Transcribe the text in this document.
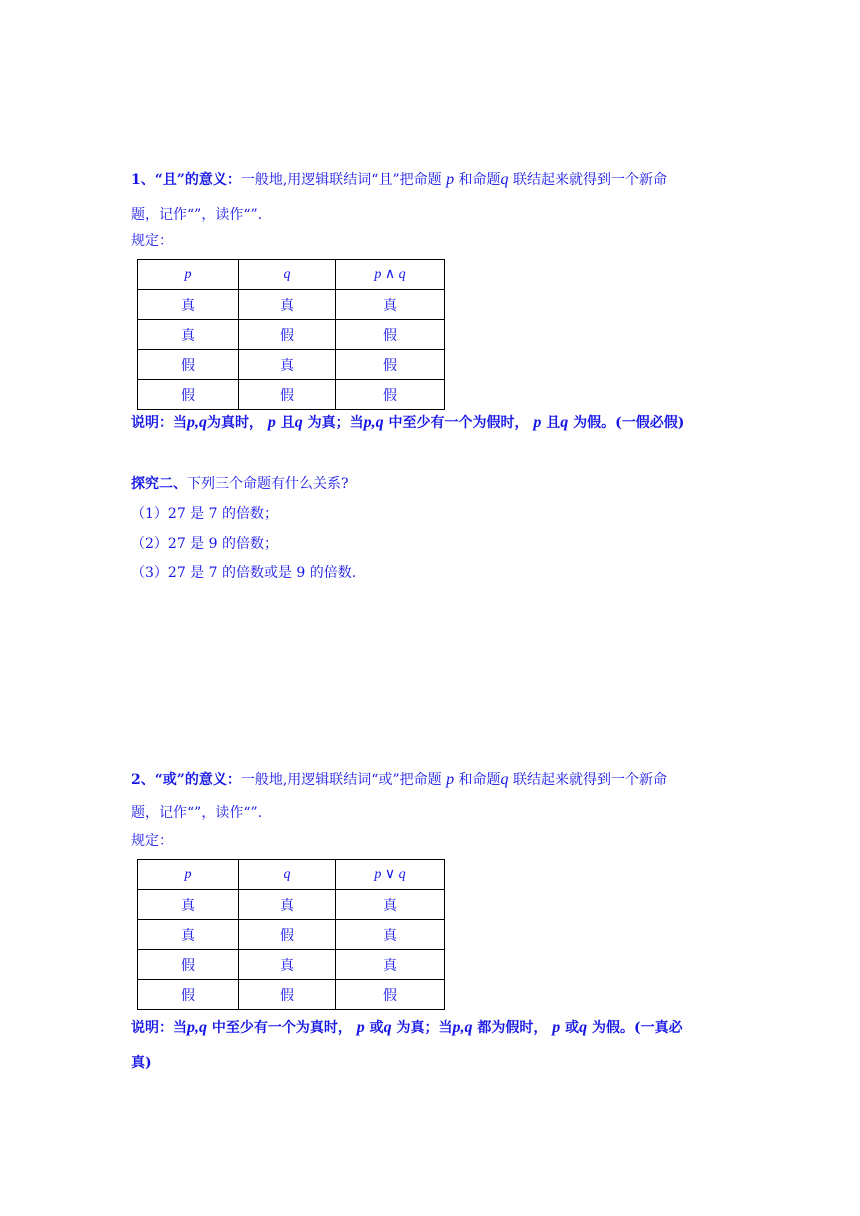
1、“且”的意义：一般地,用逻辑联结词“且”把命题 p 和命题q 联结起来就得到一个新命
题，记作“”，读作“”.
规定：
p	q	p ∧ q
真	真	真
真	假	假
假	真	假
假	假	假
说明：当p,q为真时， p 且q 为真；当p,q 中至少有一个为假时， p 且q 为假。(一假必假)
探究二、下列三个命题有什么关系?
（1）27 是 7 的倍数；
（2）27 是 9 的倍数；
（3）27 是 7 的倍数或是 9 的倍数.
2、“或”的意义：一般地,用逻辑联结词“或”把命题 p 和命题q 联结起来就得到一个新命
题，记作“”，读作“”.
规定：
p	q	p ∨ q
真	真	真
真	假	真
假	真	真
假	假	假
说明：当p,q 中至少有一个为真时， p 或q 为真；当p,q 都为假时， p 或q 为假。(一真必
真)
